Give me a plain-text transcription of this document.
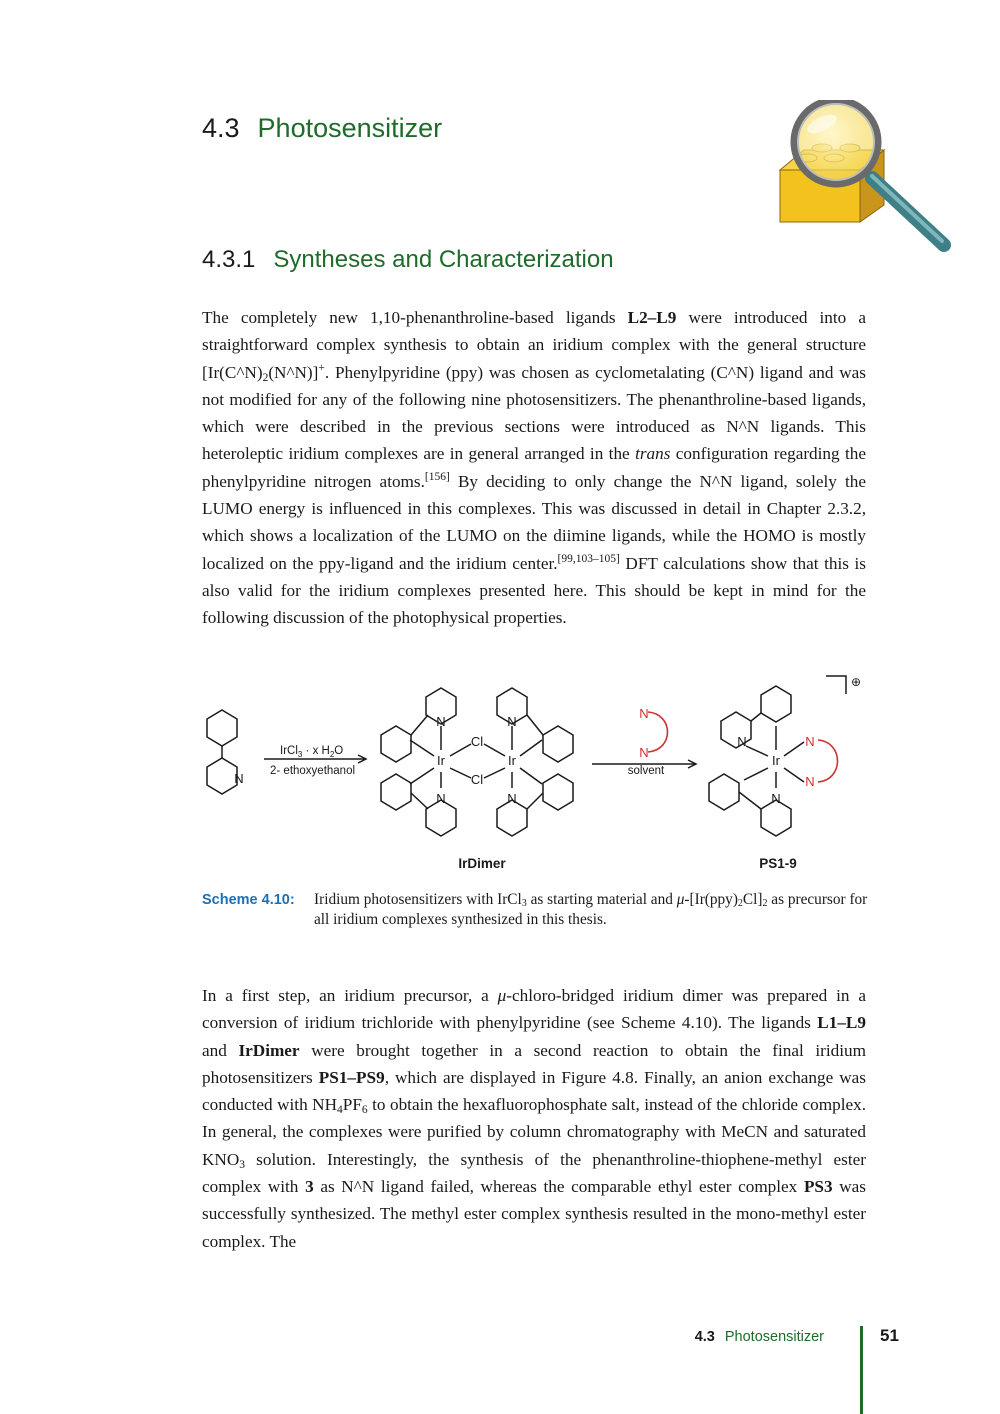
4.3 Photosensitizer
4.3.1 Syntheses and Characterization

The completely new 1,10-phenanthroline-based ligands L2–L9 were introduced into a straightforward complex synthesis to obtain an iridium complex with the general structure $[Ir(C\^{}N)_2(N\^{}N)]^+$. Phenylpyridine (ppy) was chosen as cyclometalating (C^N) ligand and was not modified for any of the following nine photosensitizers. The phenanthroline-based ligands, which were described in the previous sections were introduced as N^N ligands. This heteroleptic iridium complexes are in general arranged in the trans configuration regarding the phenylpyridine nitrogen atoms.[156] By deciding to only change the N^N ligand, solely the LUMO energy is influenced in this complexes. This was discussed in detail in Chapter 2.3.2, which shows a localization of the LUMO on the diimine ligands, while the HOMO is mostly localized on the ppy-ligand and the iridium center.[99,103–105] DFT calculations show that this is also valid for the iridium complexes presented here. This should be kept in mind for the following discussion of the photophysical properties.

N
N
N
N
N
N
N
Ir	Ir	Ir
Cl
Cl
N
N
N
N
IrCl$_3$ · x $H_2O$
2- ethoxyethanol	solvent
⊕
IrDimer	PS1-9
Scheme 4.10: Iridium photosensitizers with IrCl$_3$ as starting material and $\mu-[Ir(ppy)_2Cl]_2$ as precursor for all iridium complexes synthesized in this thesis.

In a first step, an iridium precursor, a μ-chloro-bridged iridium dimer was prepared in a conversion of iridium trichloride with phenylpyridine (see Scheme 4.10). The ligands L1–L9 and IrDimer were brought together in a second reaction to obtain the final iridium photosensitizers PS1–PS9, which are displayed in Figure 4.8. Finally, an anion exchange was conducted with $NH_4PF_6$ to obtain the hexafluorophosphate salt, instead of the chloride complex. In general, the complexes were purified by column chromatography with MeCN and saturated $KNO_3$ solution. Interestingly, the synthesis of the phenanthroline-thiophene-methyl ester complex with 3 as N^N ligand failed, whereas the comparable ethyl ester complex PS3 was successfully synthesized. The methyl ester complex synthesis resulted in the mono-methyl ester complex. The

4.3 Photosensitizer	51
